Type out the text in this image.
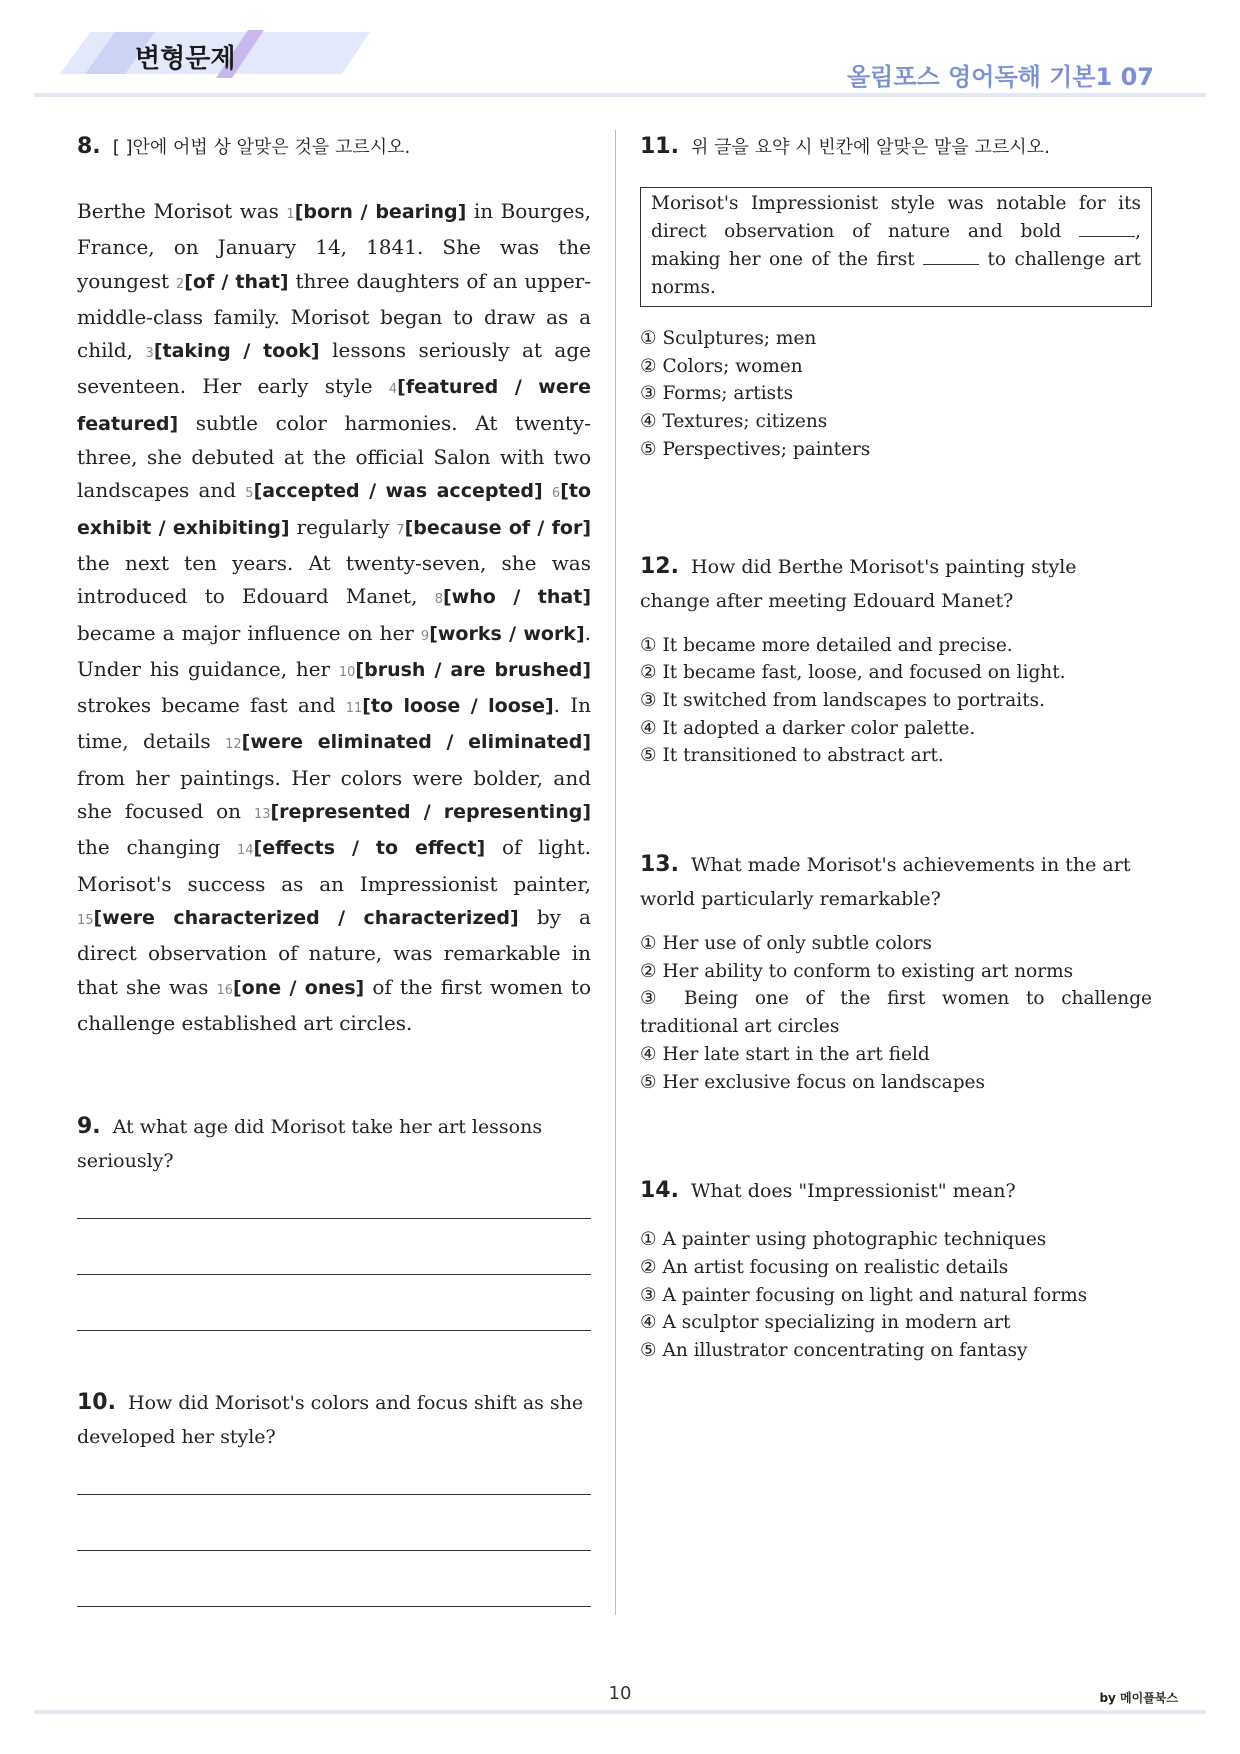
변형문제
올림포스 영어독해 기본1 07

8. [ ]안에 어법 상 알맞은 것을 고르시오.

Berthe Morisot was 1[born / bearing] in Bourges, France, on January 14, 1841. She was the youngest 2[of / that] three daughters of an upper-middle-class family. Morisot began to draw as a child, 3[taking / took] lessons seriously at age seventeen. Her early style 4[featured / were featured] subtle color harmonies. At twenty-three, she debuted at the official Salon with two landscapes and 5[accepted / was accepted] 6[to exhibit / exhibiting] regularly 7[because of / for] the next ten years. At twenty-seven, she was introduced to Edouard Manet, 8[who / that] became a major influence on her 9[works / work]. Under his guidance, her 10[brush / are brushed] strokes became fast and 11[to loose / loose]. In time, details 12[were eliminated / eliminated] from her paintings. Her colors were bolder, and she focused on 13[represented / representing] the changing 14[effects / to effect] of light. Morisot's success as an Impressionist painter, 15[were characterized / characterized] by a direct observation of nature, was remarkable in that she was 16[one / ones] of the first women to challenge established art circles.

9. At what age did Morisot take her art lessons seriously?

10. How did Morisot's colors and focus shift as she developed her style?

11. 위 글을 요약 시 빈칸에 알맞은 말을 고르시오.

Morisot's Impressionist style was notable for its direct observation of nature and bold	, making her one of the first	to challenge art norms.
① Sculptures; men
② Colors; women
③ Forms; artists
④ Textures; citizens
⑤ Perspectives; painters

12. How did Berthe Morisot's painting style change after meeting Edouard Manet?

① It became more detailed and precise.
② It became fast, loose, and focused on light.
③ It switched from landscapes to portraits.
④ It adopted a darker color palette.
⑤ It transitioned to abstract art.

13. What made Morisot's achievements in the art world particularly remarkable?

① Her use of only subtle colors
② Her ability to conform to existing art norms
③ Being one of the first women to challenge traditional art circles
④ Her late start in the art field
⑤ Her exclusive focus on landscapes

14. What does "Impressionist" mean?

① A painter using photographic techniques
② An artist focusing on realistic details
③ A painter focusing on light and natural forms
④ A sculptor specializing in modern art
⑤ An illustrator concentrating on fantasy
10	by 메이플북스
